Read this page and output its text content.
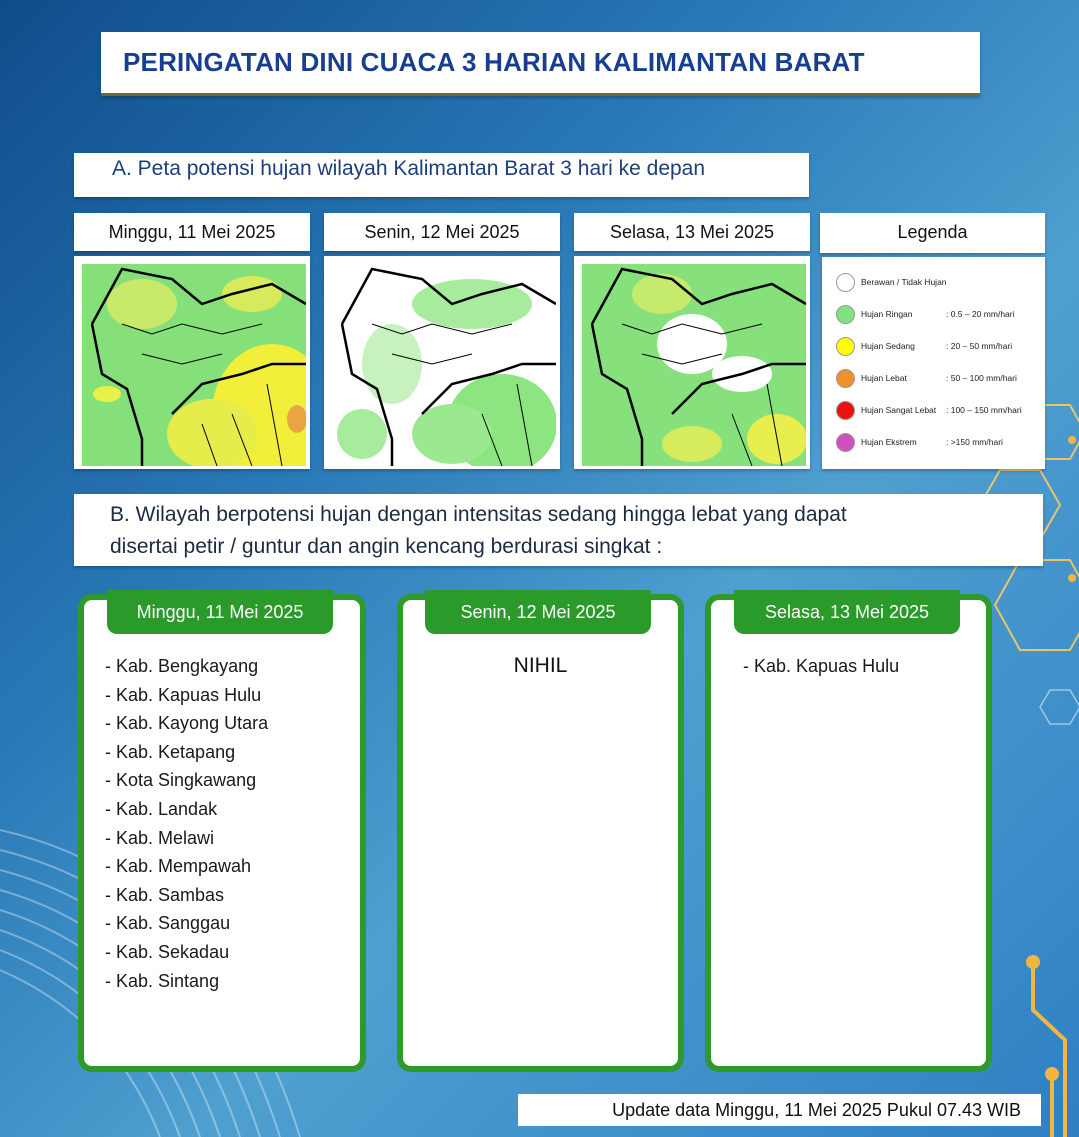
PERINGATAN DINI CUACA 3 HARIAN KALIMANTAN BARAT
A. Peta potensi hujan wilayah Kalimantan Barat 3 hari ke depan
Minggu, 11 Mei 2025	Senin, 12 Mei 2025	Selasa, 13 Mei 2025	Legenda
Berawan / Tidak Hujan
Hujan Ringan	: 0.5 – 20 mm/hari
Hujan Sedang	: 20 – 50 mm/hari
Hujan Lebat	: 50 – 100 mm/hari
Hujan Sangat Lebat	: 100 – 150 mm/hari
Hujan Ekstrem	: >150 mm/hari
B. Wilayah berpotensi hujan dengan intensitas sedang hingga lebat yang dapat
disertai petir / guntur dan angin kencang berdurasi singkat :
Minggu, 11 Mei 2025
- Kab. Bengkayang
- Kab. Kapuas Hulu
- Kab. Kayong Utara
- Kab. Ketapang
- Kota Singkawang
- Kab. Landak
- Kab. Melawi
- Kab. Mempawah
- Kab. Sambas
- Kab. Sanggau
- Kab. Sekadau
- Kab. Sintang
Senin, 12 Mei 2025
NIHIL
Selasa, 13 Mei 2025
- Kab. Kapuas Hulu
Update data Minggu, 11 Mei 2025 Pukul 07.43 WIB
